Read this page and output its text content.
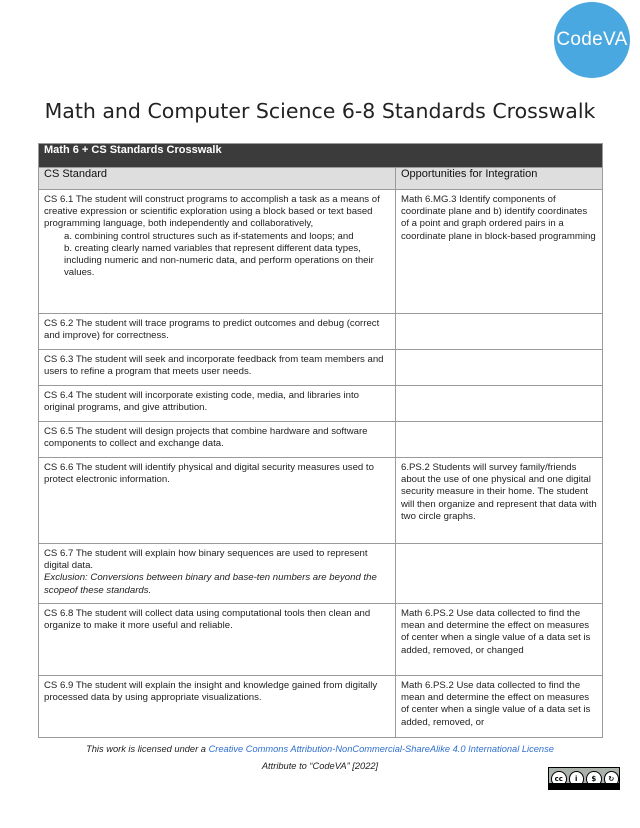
CodeVA
Math and Computer Science 6-8 Standards Crosswalk
Math 6 + CS Standards Crosswalk	
CS Standard	Opportunities for Integration

CS 6.1 The student will construct programs to accomplish a task as a means of creative expression or scientific exploration using a block based or text based programming language, both independently and collaboratively,

a. combining control structures such as if-statements and loops; and

b. creating clearly named variables that represent different data types, including numeric and non-numeric data, and perform operations on their values.	Math 6.MG.3 Identify components of coordinate plane and b) identify coordinates of a point and graph ordered pairs in a coordinate plane in block-based programming
CS 6.2 The student will trace programs to predict outcomes and debug (correct and improve) for correctness.	
CS 6.3 The student will seek and incorporate feedback from team members and users to refine a program that meets user needs.	
CS 6.4 The student will incorporate existing code, media, and libraries into original programs, and give attribution.	
CS 6.5 The student will design projects that combine hardware and software components to collect and exchange data.	
CS 6.6 The student will identify physical and digital security measures used to protect electronic information.	6.PS.2 Students will survey family/friends about the use of one physical and one digital security measure in their home. The student will then organize and represent that data with two circle graphs.

CS 6.7 The student will explain how binary sequences are used to represent digital data.
Exclusion: Conversions between binary and base-ten numbers are beyond the scopeof these standards.	

CS 6.8 The student will collect data using computational tools then clean and organize to make it more useful and reliable.	Math 6.PS.2 Use data collected to find the mean and determine the effect on measures of center when a single value of a data set is added, removed, or changed
CS 6.9 The student will explain the insight and knowledge gained from digitally processed data by using appropriate visualizations.	Math 6.PS.2 Use data collected to find the mean and determine the effect on measures of center when a single value of a data set is added, removed, or
This work is licensed under a Creative Commons Attribution-NonCommercial-ShareAlike 4.0 International License
Attribute to “CodeVA” [2022]
cc	i	$	↻
